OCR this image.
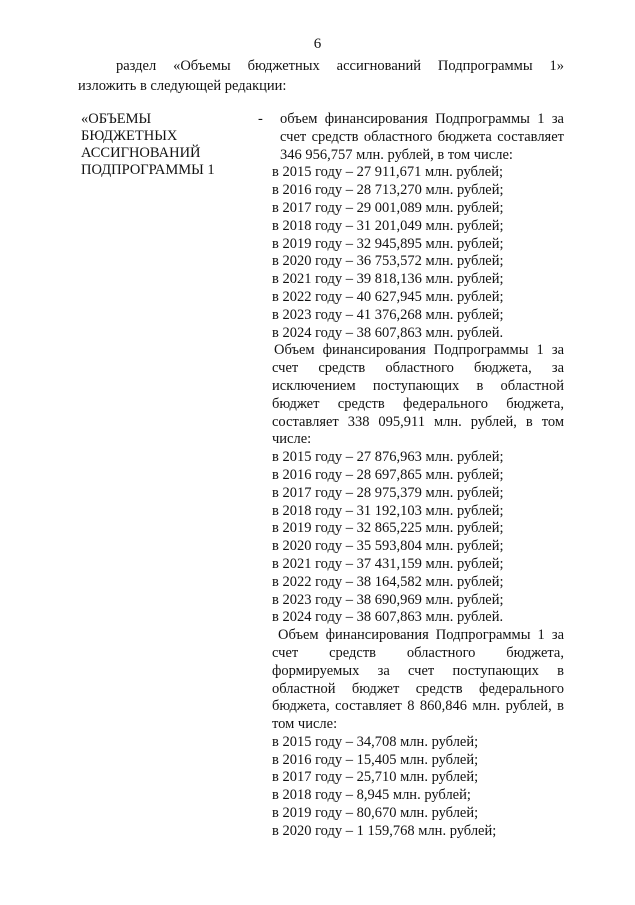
6
раздел «Объемы бюджетных ассигнований Подпрограммы 1»
изложить в следующей редакции:
«ОБЪЕМЫ
БЮДЖЕТНЫХ
АССИГНОВАНИЙ
ПОДПРОГРАММЫ 1
-	объем финансирования Подпрограммы 1 за
счет средств областного бюджета составляет
346 956,757 млн. рублей, в том числе:
в 2015 году – 27 911,671 млн. рублей;
в 2016 году – 28 713,270 млн. рублей;
в 2017 году – 29 001,089 млн. рублей;
в 2018 году – 31 201,049 млн. рублей;
в 2019 году – 32 945,895 млн. рублей;
в 2020 году – 36 753,572 млн. рублей;
в 2021 году – 39 818,136 млн. рублей;
в 2022 году – 40 627,945 млн. рублей;
в 2023 году – 41 376,268 млн. рублей;
в 2024 году – 38 607,863 млн. рублей.
Объем финансирования Подпрограммы 1 за
счет средств областного бюджета, за
исключением поступающих в областной
бюджет средств федерального бюджета,
составляет 338 095,911 млн. рублей, в том
числе:
в 2015 году – 27 876,963 млн. рублей;
в 2016 году – 28 697,865 млн. рублей;
в 2017 году – 28 975,379 млн. рублей;
в 2018 году – 31 192,103 млн. рублей;
в 2019 году – 32 865,225 млн. рублей;
в 2020 году – 35 593,804 млн. рублей;
в 2021 году – 37 431,159 млн. рублей;
в 2022 году – 38 164,582 млн. рублей;
в 2023 году – 38 690,969 млн. рублей;
в 2024 году – 38 607,863 млн. рублей.
Объем финансирования Подпрограммы 1 за
счет средств областного бюджета,
формируемых за счет поступающих в
областной бюджет средств федерального
бюджета, составляет 8 860,846 млн. рублей, в
том числе:
в 2015 году – 34,708 млн. рублей;
в 2016 году – 15,405 млн. рублей;
в 2017 году – 25,710 млн. рублей;
в 2018 году – 8,945 млн. рублей;
в 2019 году – 80,670 млн. рублей;
в 2020 году – 1 159,768 млн. рублей;
